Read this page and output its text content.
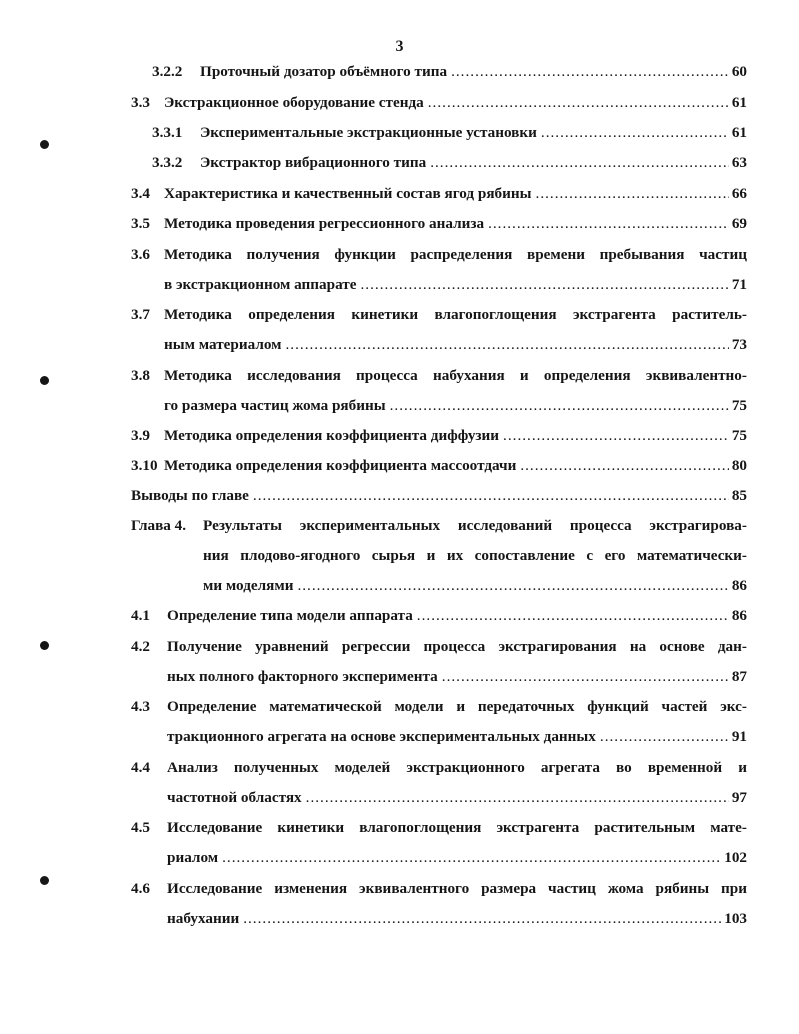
3
3.2.2	Проточный дозатор объёмного типа .....	60
3.3 Экстракционное оборудование стенда .....	61
3.3.1	Экспериментальные экстракционные установки .....	61
3.3.2	Экстрактор вибрационного типа .....	63
3.4 Характеристика и качественный состав ягод рябины .....	66
3.5 Методика проведения регрессионного анализа .....	69
3.6 Методика получения функции распределения времени пребывания частиц
в экстракционном аппарате .....	71
3.7 Методика определения кинетики влагопоглощения экстрагента раститель-
ным материалом .....	73
3.8 Методика исследования процесса набухания и определения эквивалентно-
го размера частиц жома рябины .....	75
3.9 Методика определения коэффициента диффузии .....	75
3.10 Методика определения коэффициента массоотдачи .....	80
Выводы по главе .....	85
Глава 4.	Результаты экспериментальных исследований процесса экстрагирова-
ния плодово-ягодного сырья и их сопоставление с его математически-
ми моделями .....	86
4.1	Определение типа модели аппарата .....	86
4.2	Получение уравнений регрессии процесса экстрагирования на основе дан-
ных полного факторного эксперимента .....	87
4.3	Определение математической модели и передаточных функций частей экс-
тракционного агрегата на основе экспериментальных данных .....	91
4.4	Анализ полученных моделей экстракционного агрегата во временной и
частотной областях .....	97
4.5	Исследование кинетики влагопоглощения экстрагента растительным мате-
риалом .....	102
4.6	Исследование изменения эквивалентного размера частиц жома рябины при
набухании .....	103
